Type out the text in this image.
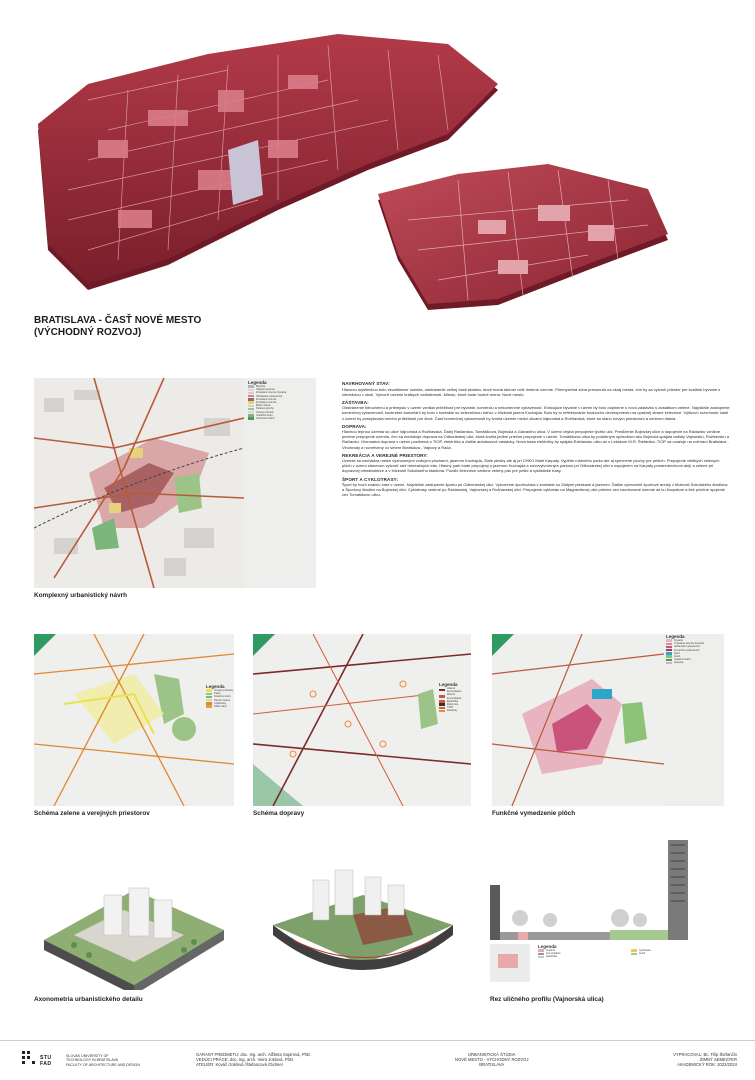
BRATISLAVA - ČASŤ NOVÉ MESTO
(VÝCHODNÝ ROZVOJ)
Legenda
Bývanie
Objekty bývania
Zmiešané územie bývania
Občianska vybavenosť
Zmiešané územie
Zmiešané územie
Bloky zelene
Parkové plochy
Verejný priestor
Izolačná zeleň
Ochranná zeleň
Komplexný urbanistický návrh
NAVRHOVANÝ STAV:

Hlavnou myšlienkou bolo zkvalitnenie územia, odstránenie veľkej časti skladov, ktoré tvoria takmer celé riešené územie. Priemyselná zóna presunutá na okraj mesta, čím by sa vytvoril priestor pre kvalitné bývanie s rekreáciou v okolí. Vytvoriť územie krátkych vzdialeností. Miesto, ktoré bude hodné mena: Nové mesto.

ZÁSTAVBA:

Odstránenie bitrochemu a priemyslu v území vznikla príležitosť pre bývanie, komerciu a nekomerčné vybavenosť. Existujúce bývanie v území by bolo doplnené o novú zástavbu s dostatkom zelene. Najväčšie zastúpenie komerčnej vybavenosti, konkrétne kancelárií by bolo v kontakte so železničnou traťou v blízkosti jazera Kuchajda. Bolo by to reflektovanie budúceho developmentu na opačnej strane železnice. Výškovo rozvrhnuté časti v území by poskytovala mnoho príležitostí pre život. Časť komerčnej vybavenosti by tvorila územie medzi ulicami Vajnorská a Rožňavská, ktoré sa stanú novým priestorom a centrom diania.

DOPRAVA:

Hlavnou tepnou územia sú ulice Vajnorská a Rožňavská. Ďalej Račianska, Tomášikova, Bojnická a Galvaniho ulica. V území chýba prepojenie týchto ulíc. Predĺženie Bojnickej ulice a napojenie na Račianku vznikne priečne prepojenie územia, čím sa zredukuje doprava na Odborárskej ulici, ktorá tvorila jediné priečne prepojenie v území. Tomášikova ulica by podobným spôsobom ako Bojnická spájala radiály Vajnorskú, Rožňavskú a Račianku. Hromadná doprava v území posilnená o TIOP, električku a ďalšie autobusové zastávky. Nová trasa električky by spájala Račiansku ulicu až s Letiskom M.R. Štefánika. TIOP sa uvažuje na rozhraní Bratislava - Vinohrady a rozvetvený vo smere Bratislava - Vajnory a Rača.

REKREÁCIA A VEREJNÉ PRIESTORY:

Územie sa nachádza medzi významnými vodnými plochami, jazerom Kuchajda, Zlaté piesky ale aj pri CHKO Malé Karpaty. Vyplňte rušeného parku ale aj spevnené plochy pre peších. Prepojenie všetkých zelených plôch v území zámerom vytvoriť sieť rekreačných trás. Hlavný park bude prepojený s jazerom Kuchajda a novovytvoreným parkom pri Odborárskej ulici s napojením na Karpaty prostredníctvom alejí a zelene pri dopravnej infraštruktúre a v blízkosti Sokolského štadióna. Pozdĺž železnice vznikne zelený pás pre pešie a cyklistické trasy.

ŠPORT A CYKLOTRASY:

Šport by tvoril značnú časť v území. Najväčšie zastúpenie športu pri Odborárskej ulici. Vytvorenie športoviska v kontakte so Zlatými pieskami a jazerom. Ďalšie významné športové areály v blízkosti Sokolského štadióna a Športový štadión na Bojnickej ulici. Cyklotrasy vedené po Račianskej, Vajnorskej a Rožňavskej ulici. Prepojenie cyklotrás na Magnezitovej ulici priečne cez navrhované územie až ku Karpatom a tiež priečne spojenie cez Tomášikovu ulicu.

Legenda
Verejné priestory
Parky
Izolačná zeleň
Plochy zelene
Cyklotrasy
Pešie trasy
Schéma zelene a verejných priestorov
Legenda
Hlavné komunikácie
Zberné komunikácie
Električka
Železnica
TIOP
Zastávky
Schéma dopravy
Legenda
bývanie
zmiešané územie bývania
občianska vybavenosť
komerčná vybavenosť
šport
zeleň
izolačná zeleň
doprava
Funkčné vymedzenie plôch
Axonometria urbanistického detailu
Legenda
chodník	cyklotrasa
komunikácia	zeleň
električka
Rez uličného profilu (Vajnorská ulica)
STU FAD
SLOVAK UNIVERSITY OF
TECHNOLOGY IN BRATISLAVA
FACULTY OF ARCHITECTURE AND DESIGN
GARANT PREDMETU: doc. Ing. arch. Alžbeta Sopirová, PhD.
VEDÚCI PRÁCE: doc. Ing. arch. Viera Joklová, PhD.
ATELIÉR: Kováč /Joklová /Štefancová /Gidmer
URBANISTICKÁ ŠTÚDIA
NOVÉ MESTO - VÝCHODNÝ ROZVOJ
BRATISLAVA
VYPRACOVAL: Bc. Filip Štefančin
ZIMNÝ SEMESTER
AKADEMICKÝ ROK: 2023/2024
